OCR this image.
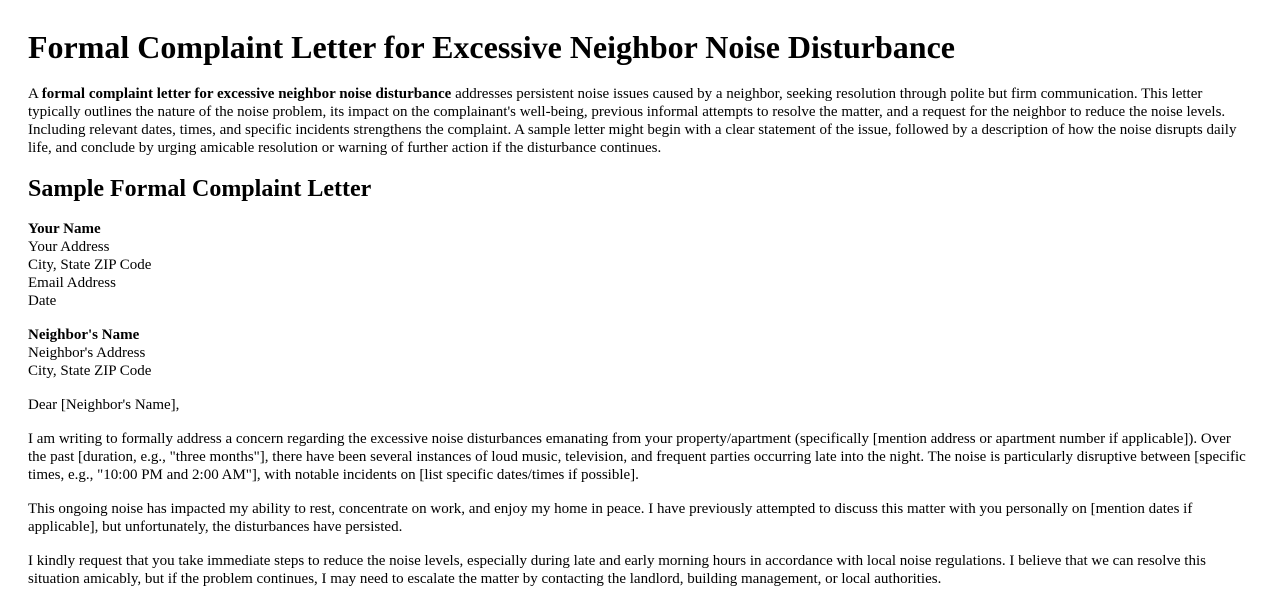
Formal Complaint Letter for Excessive Neighbor Noise Disturbance

A formal complaint letter for excessive neighbor noise disturbance addresses persistent noise issues caused by a neighbor, seeking resolution through polite but firm communication. This letter typically outlines the nature of the noise problem, its impact on the complainant's well-being, previous informal attempts to resolve the matter, and a request for the neighbor to reduce the noise levels. Including relevant dates, times, and specific incidents strengthens the complaint. A sample letter might begin with a clear statement of the issue, followed by a description of how the noise disrupts daily life, and conclude by urging amicable resolution or warning of further action if the disturbance continues.

Sample Formal Complaint Letter
Your Name
Your Address
City, State ZIP Code
Email Address
Date
Neighbor's Name
Neighbor's Address
City, State ZIP Code

Dear [Neighbor's Name],

I am writing to formally address a concern regarding the excessive noise disturbances emanating from your property/apartment (specifically [mention address or apartment number if applicable]). Over the past [duration, e.g., "three months"], there have been several instances of loud music, television, and frequent parties occurring late into the night. The noise is particularly disruptive between [specific times, e.g., "10:00 PM and 2:00 AM"], with notable incidents on [list specific dates/times if possible].

This ongoing noise has impacted my ability to rest, concentrate on work, and enjoy my home in peace. I have previously attempted to discuss this matter with you personally on [mention dates if applicable], but unfortunately, the disturbances have persisted.

I kindly request that you take immediate steps to reduce the noise levels, especially during late and early morning hours in accordance with local noise regulations. I believe that we can resolve this situation amicably, but if the problem continues, I may need to escalate the matter by contacting the landlord, building management, or local authorities.
